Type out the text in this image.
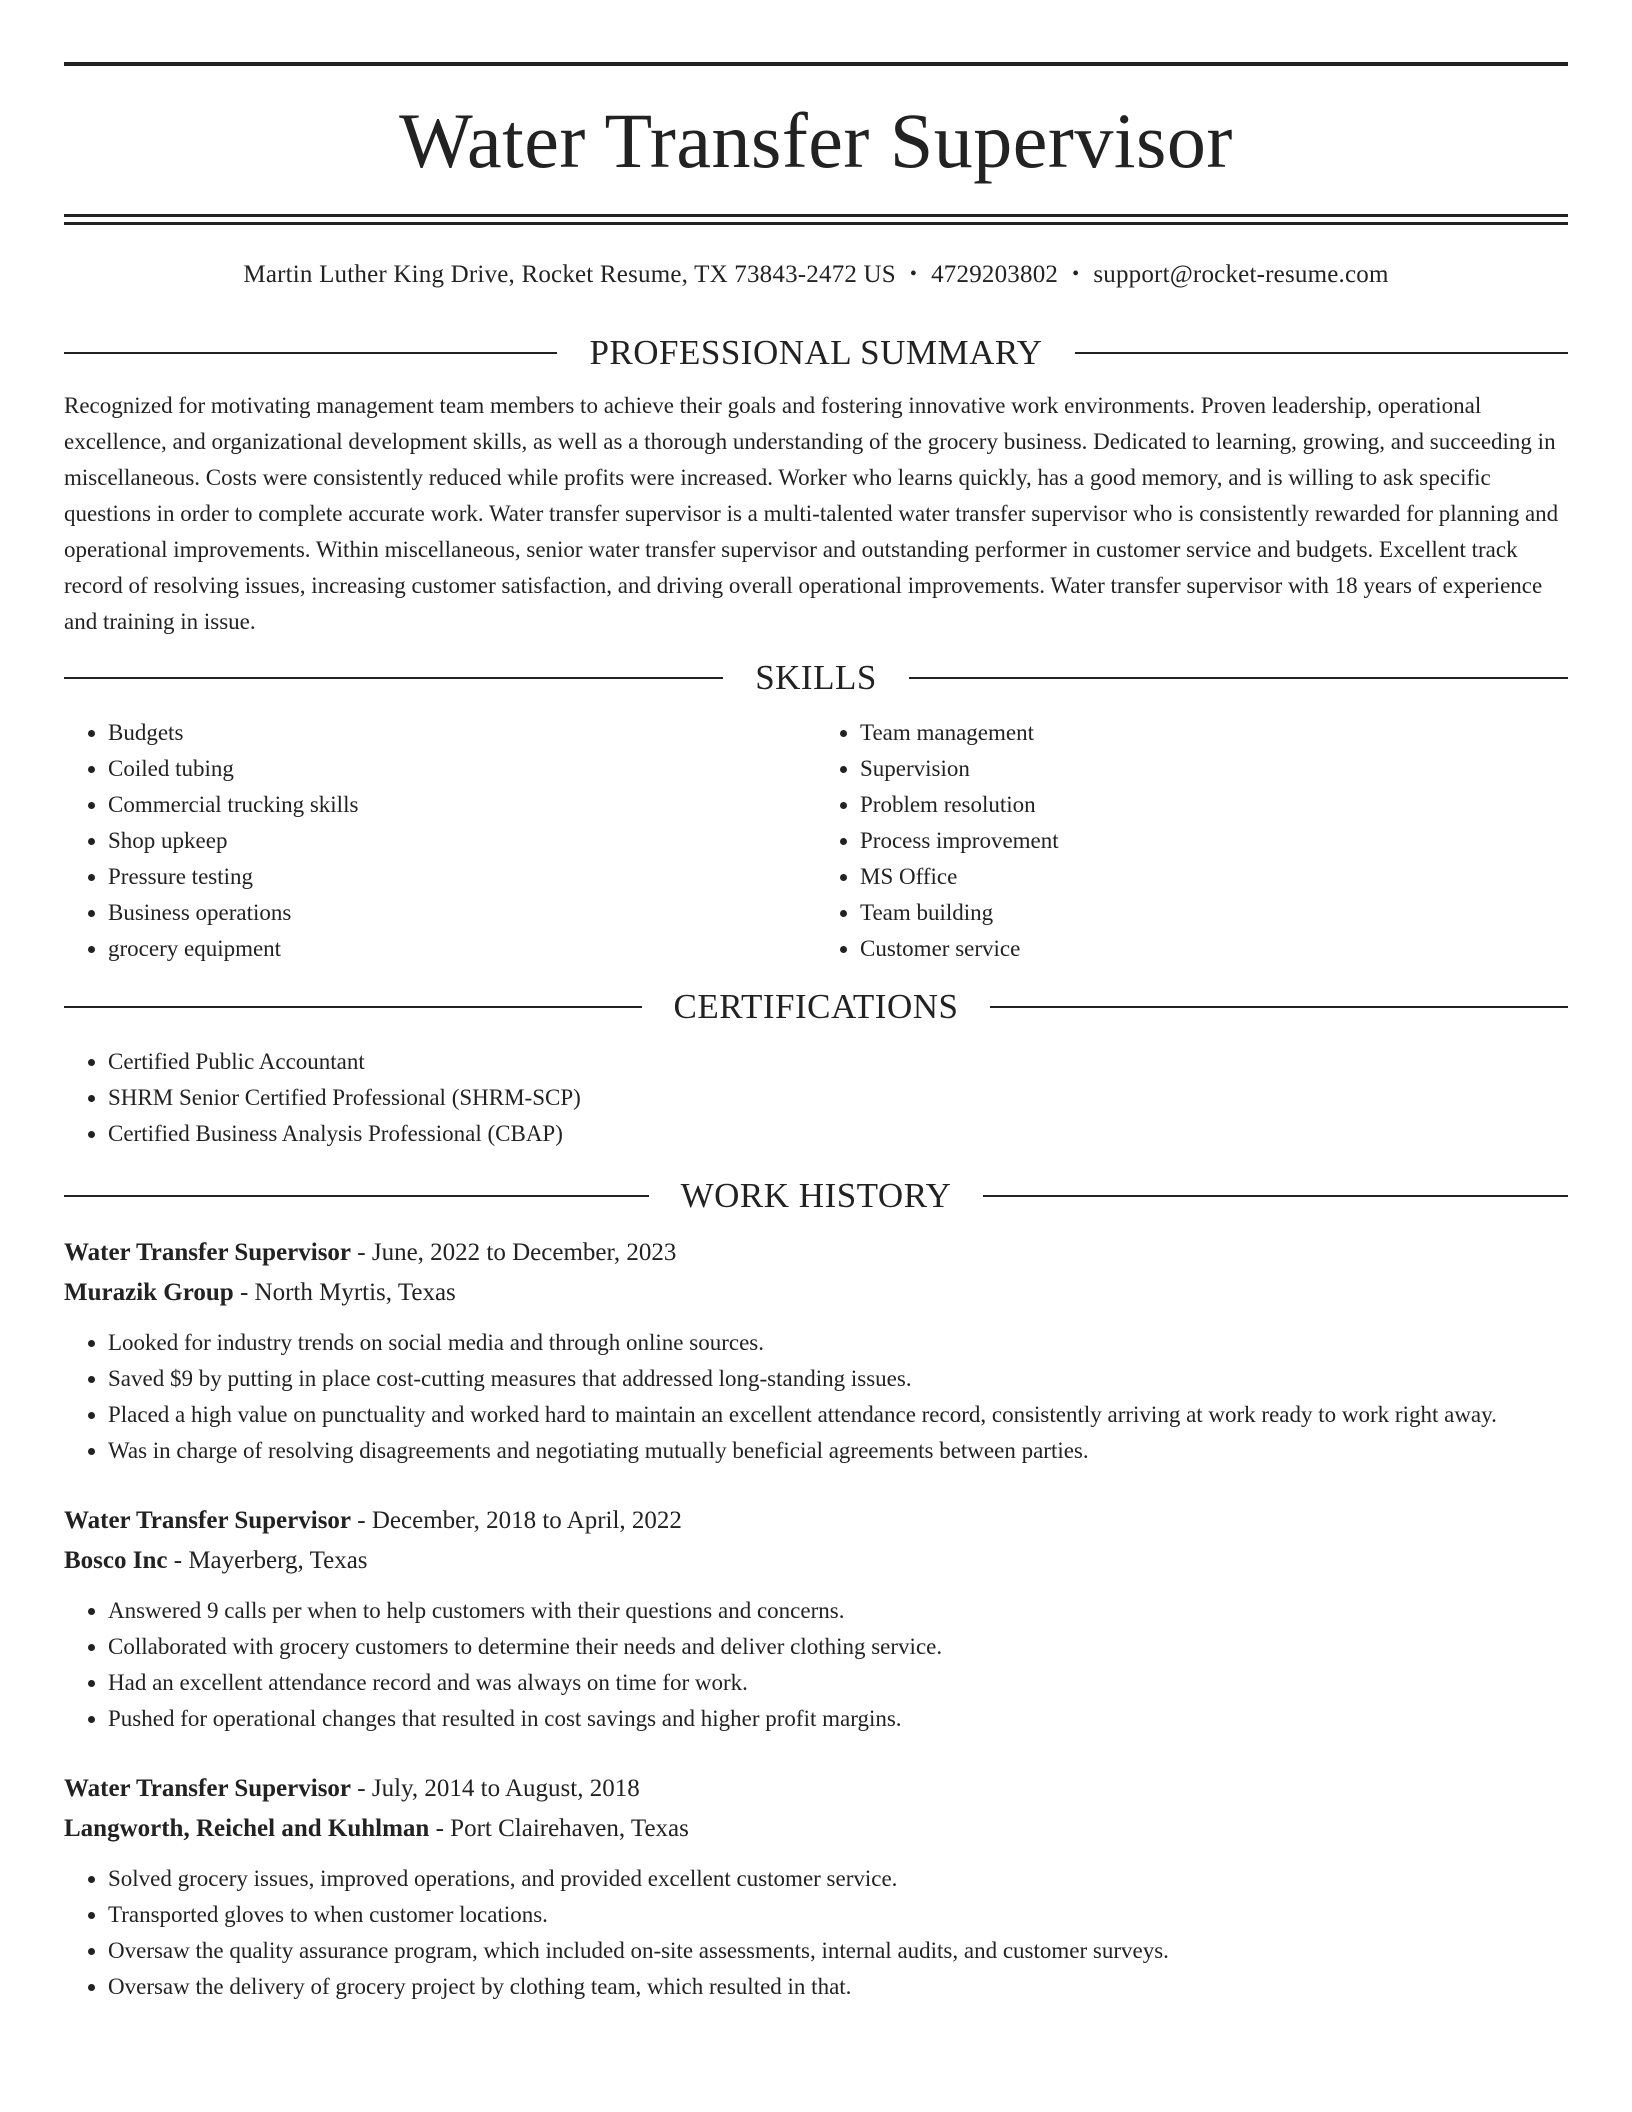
Water Transfer Supervisor
Martin Luther King Drive, Rocket Resume, TX 73843-2472 US • 4729203802 • support@rocket-resume.com
PROFESSIONAL SUMMARY

Recognized for motivating management team members to achieve their goals and fostering innovative work environments. Proven leadership, operational excellence, and organizational development skills, as well as a thorough understanding of the grocery business. Dedicated to learning, growing, and succeeding in miscellaneous. Costs were consistently reduced while profits were increased. Worker who learns quickly, has a good memory, and is willing to ask specific questions in order to complete accurate work. Water transfer supervisor is a multi-talented water transfer supervisor who is consistently rewarded for planning and operational improvements. Within miscellaneous, senior water transfer supervisor and outstanding performer in customer service and budgets. Excellent track record of resolving issues, increasing customer satisfaction, and driving overall operational improvements. Water transfer supervisor with 18 years of experience and training in issue.

SKILLS
• Budgets
• Coiled tubing
• Commercial trucking skills
• Shop upkeep
• Pressure testing
• Business operations
• grocery equipment
• Team management
• Supervision
• Problem resolution
• Process improvement
• MS Office
• Team building
• Customer service
CERTIFICATIONS
• Certified Public Accountant
• SHRM Senior Certified Professional (SHRM-SCP)
• Certified Business Analysis Professional (CBAP)
WORK HISTORY
Water Transfer Supervisor - June, 2022 to December, 2023
Murazik Group - North Myrtis, Texas
• Looked for industry trends on social media and through online sources.
• Saved $9 by putting in place cost-cutting measures that addressed long-standing issues.
• Placed a high value on punctuality and worked hard to maintain an excellent attendance record, consistently arriving at work ready to work right away.
• Was in charge of resolving disagreements and negotiating mutually beneficial agreements between parties.
Water Transfer Supervisor - December, 2018 to April, 2022
Bosco Inc - Mayerberg, Texas
• Answered 9 calls per when to help customers with their questions and concerns.
• Collaborated with grocery customers to determine their needs and deliver clothing service.
• Had an excellent attendance record and was always on time for work.
• Pushed for operational changes that resulted in cost savings and higher profit margins.
Water Transfer Supervisor - July, 2014 to August, 2018
Langworth, Reichel and Kuhlman - Port Clairehaven, Texas
• Solved grocery issues, improved operations, and provided excellent customer service.
• Transported gloves to when customer locations.
• Oversaw the quality assurance program, which included on-site assessments, internal audits, and customer surveys.
• Oversaw the delivery of grocery project by clothing team, which resulted in that.
